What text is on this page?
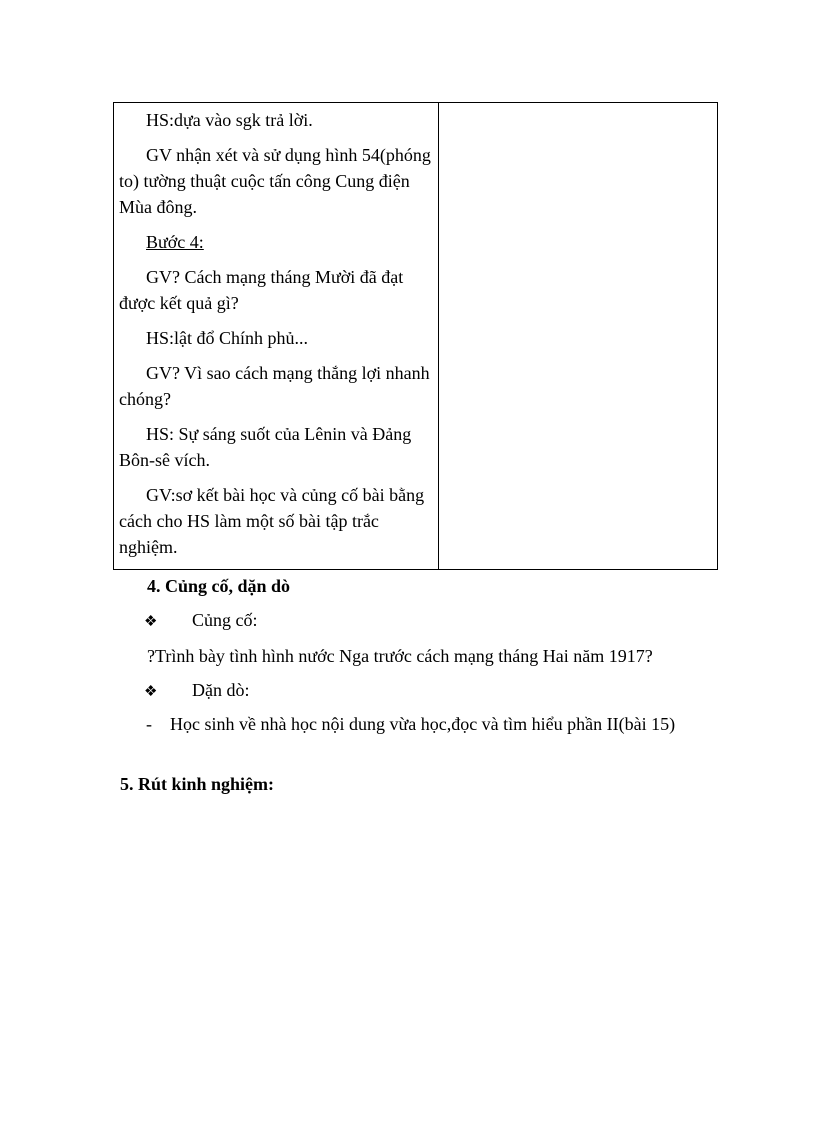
HS:dựa vào sgk trả lời.

GV nhận xét và sử dụng hình 54(phóng to) tường thuật cuộc tấn công Cung điện Mùa đông.

Bước 4:

GV? Cách mạng tháng Mười đã đạt được kết quả gì?

HS:lật đổ Chính phủ...

GV? Vì sao cách mạng thắng lợi nhanh chóng?

HS: Sự sáng suốt của Lênin và Đảng Bôn-sê vích.

GV:sơ kết bài học và củng cố bài bằng cách cho HS làm một số bài tập trắc nghiệm.

4. Củng cố, dặn dò

❖ Củng cố:
?Trình bày tình hình nước Nga trước cách mạng tháng Hai năm 1917?
❖ Dặn dò:

- Học sinh về nhà học nội dung vừa học,đọc và tìm hiểu phần II(bài 15)

5. Rút kinh nghiệm:
